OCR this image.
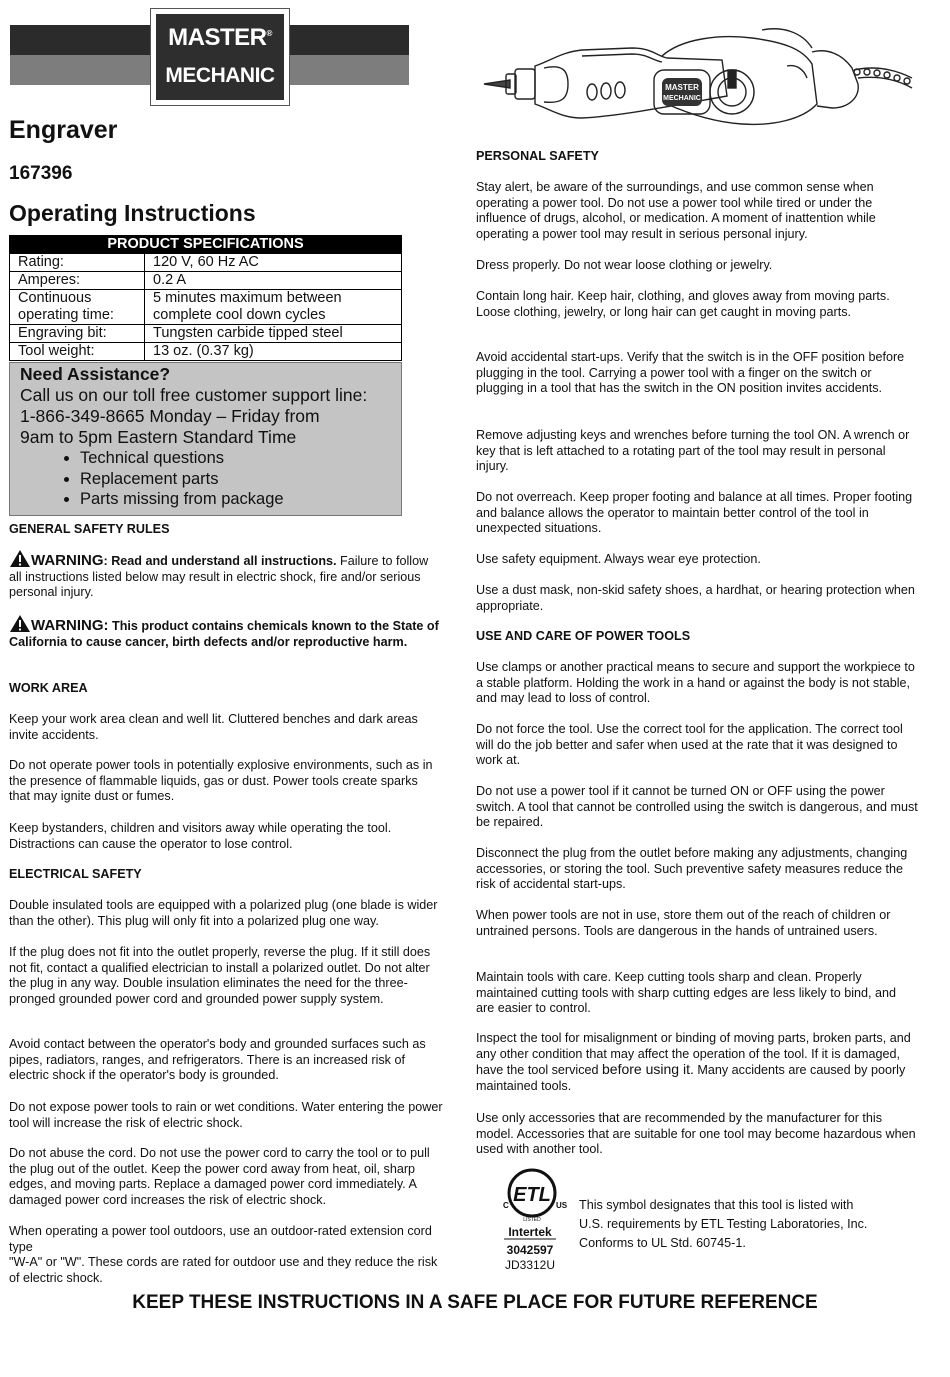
MASTER®
MECHANIC
Engraver
167396
Operating Instructions
PRODUCT SPECIFICATIONS	
Rating:	120 V, 60 Hz AC
Amperes:	0.2 A
Continuous operating time:	5 minutes maximum between complete cool down cycles
Engraving bit:	Tungsten carbide tipped steel
Tool weight:	13 oz. (0.37 kg)
Need Assistance?
Call us on our toll free customer support line:
1-866-349-8665 Monday – Friday from
9am to 5pm Eastern Standard Time
• Technical questions
• Replacement parts
• Parts missing from package
GENERAL SAFETY RULES
WARNING: Read and understand all instructions. Failure to follow all instructions listed below may result in electric shock, fire and/or serious personal injury.
WARNING: This product contains chemicals known to the State of California to cause cancer, birth defects and/or reproductive harm.
WORK AREA

Keep your work area clean and well lit. Cluttered benches and dark areas invite accidents.

Do not operate power tools in potentially explosive environments, such as in the presence of flammable liquids, gas or dust. Power tools create sparks that may ignite dust or fumes.

Keep bystanders, children and visitors away while operating the tool. Distractions can cause the operator to lose control.

ELECTRICAL SAFETY

Double insulated tools are equipped with a polarized plug (one blade is wider than the other). This plug will only fit into a polarized plug one way.

If the plug does not fit into the outlet properly, reverse the plug. If it still does not fit, contact a qualified electrician to install a polarized outlet. Do not alter the plug in any way. Double insulation eliminates the need for the three-pronged grounded power cord and grounded power supply system.

Avoid contact between the operator's body and grounded surfaces such as pipes, radiators, ranges, and refrigerators. There is an increased risk of electric shock if the operator's body is grounded.

Do not expose power tools to rain or wet conditions. Water entering the power tool will increase the risk of electric shock.

Do not abuse the cord. Do not use the power cord to carry the tool or to pull the plug out of the outlet. Keep the power cord away from heat, oil, sharp edges, and moving parts. Replace a damaged power cord immediately. A damaged power cord increases the risk of electric shock.

When operating a power tool outdoors, use an outdoor-rated extension cord type
"W-A" or "W". These cords are rated for outdoor use and they reduce the risk of electric shock.

MASTER
MECHANIC
PERSONAL SAFETY

Stay alert, be aware of the surroundings, and use common sense when operating a power tool. Do not use a power tool while tired or under the influence of drugs, alcohol, or medication. A moment of inattention while operating a power tool may result in serious personal injury.

Dress properly. Do not wear loose clothing or jewelry.

Contain long hair. Keep hair, clothing, and gloves away from moving parts. Loose clothing, jewelry, or long hair can get caught in moving parts.

Avoid accidental start-ups. Verify that the switch is in the OFF position before plugging in the tool. Carrying a power tool with a finger on the switch or plugging in a tool that has the switch in the ON position invites accidents.

Remove adjusting keys and wrenches before turning the tool ON. A wrench or key that is left attached to a rotating part of the tool may result in personal injury.

Do not overreach. Keep proper footing and balance at all times. Proper footing and balance allows the operator to maintain better control of the tool in unexpected situations.

Use safety equipment. Always wear eye protection.

Use a dust mask, non-skid safety shoes, a hardhat, or hearing protection when appropriate.

USE AND CARE OF POWER TOOLS

Use clamps or another practical means to secure and support the workpiece to a stable platform. Holding the work in a hand or against the body is not stable, and may lead to loss of control.

Do not force the tool. Use the correct tool for the application. The correct tool will do the job better and safer when used at the rate that it was designed to work at.

Do not use a power tool if it cannot be turned ON or OFF using the power switch. A tool that cannot be controlled using the switch is dangerous, and must be repaired.

Disconnect the plug from the outlet before making any adjustments, changing accessories, or storing the tool. Such preventive safety measures reduce the risk of accidental start-ups.

When power tools are not in use, store them out of the reach of children or untrained persons. Tools are dangerous in the hands of untrained users.

Maintain tools with care. Keep cutting tools sharp and clean. Properly maintained cutting tools with sharp cutting edges are less likely to bind, and are easier to control.

Inspect the tool for misalignment or binding of moving parts, broken parts, and any other condition that may affect the operation of the tool. If it is damaged, have the tool serviced before using it. Many accidents are caused by poorly maintained tools.

Use only accessories that are recommended by the manufacturer for this model. Accessories that are suitable for one tool may become hazardous when used with another tool.

ETL
C	US
LISTED
Intertek
3042597
JD3312U
This symbol designates that this tool is listed with
U.S. requirements by ETL Testing Laboratories, Inc.
Conforms to UL Std. 60745-1.
KEEP THESE INSTRUCTIONS IN A SAFE PLACE FOR FUTURE REFERENCE
